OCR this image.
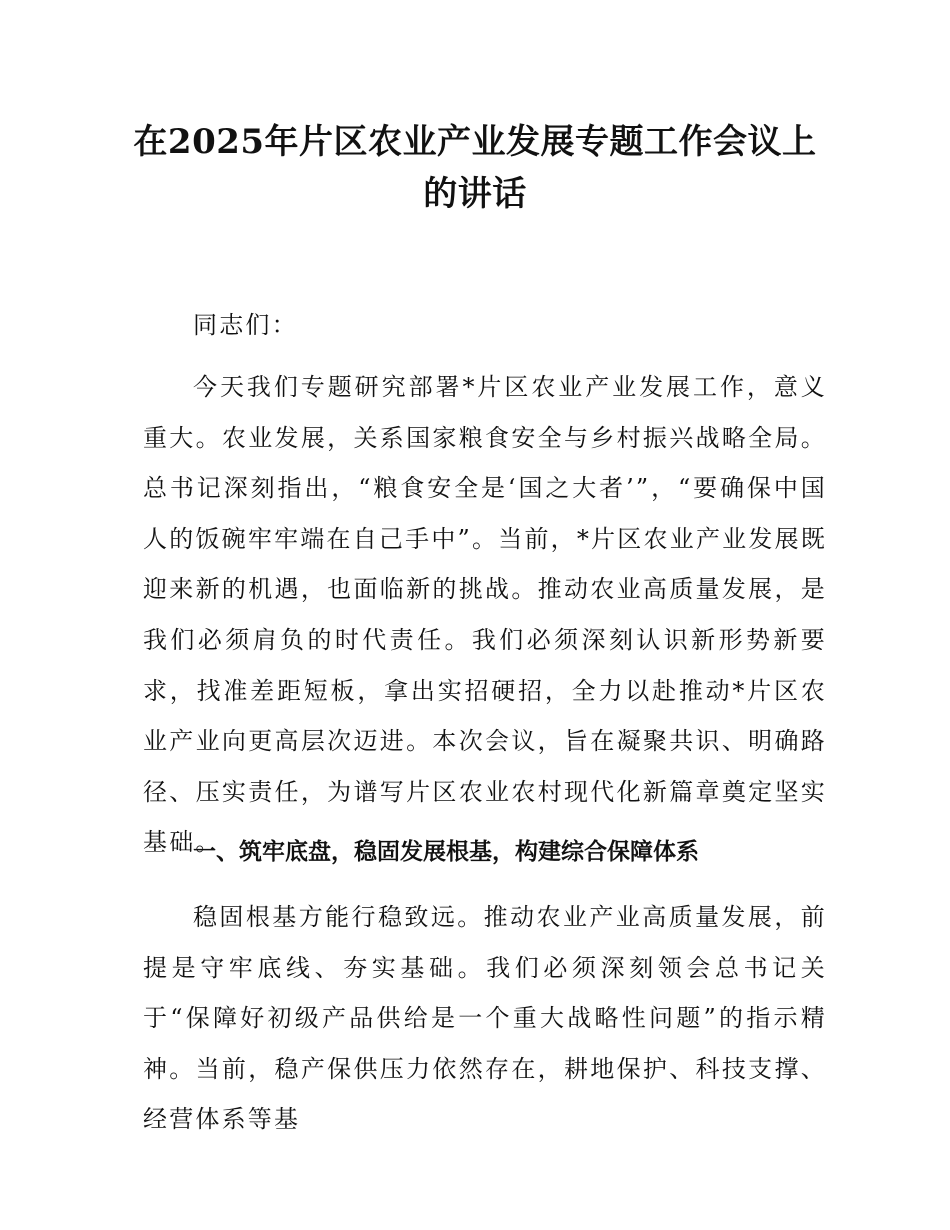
在2025年片区农业产业发展专题工作会议上
的讲话

同志们：

今天我们专题研究部署*片区农业产业发展工作，意义重大。农业发展，关系国家粮食安全与乡村振兴战略全局。总书记深刻指出，“粮食安全是‘国之大者’”，“要确保中国人的饭碗牢牢端在自己手中”。当前，*片区农业产业发展既迎来新的机遇，也面临新的挑战。推动农业高质量发展，是我们必须肩负的时代责任。我们必须深刻认识新形势新要求，找准差距短板，拿出实招硬招，全力以赴推动*片区农业产业向更高层次迈进。本次会议，旨在凝聚共识、明确路径、压实责任，为谱写片区农业农村现代化新篇章奠定坚实基础。

一、筑牢底盘，稳固发展根基，构建综合保障体系

稳固根基方能行稳致远。推动农业产业高质量发展，前提是守牢底线、夯实基础。我们必须深刻领会总书记关于“保障好初级产品供给是一个重大战略性问题”的指示精神。当前，稳产保供压力依然存在，耕地保护、科技支撑、经营体系等基
